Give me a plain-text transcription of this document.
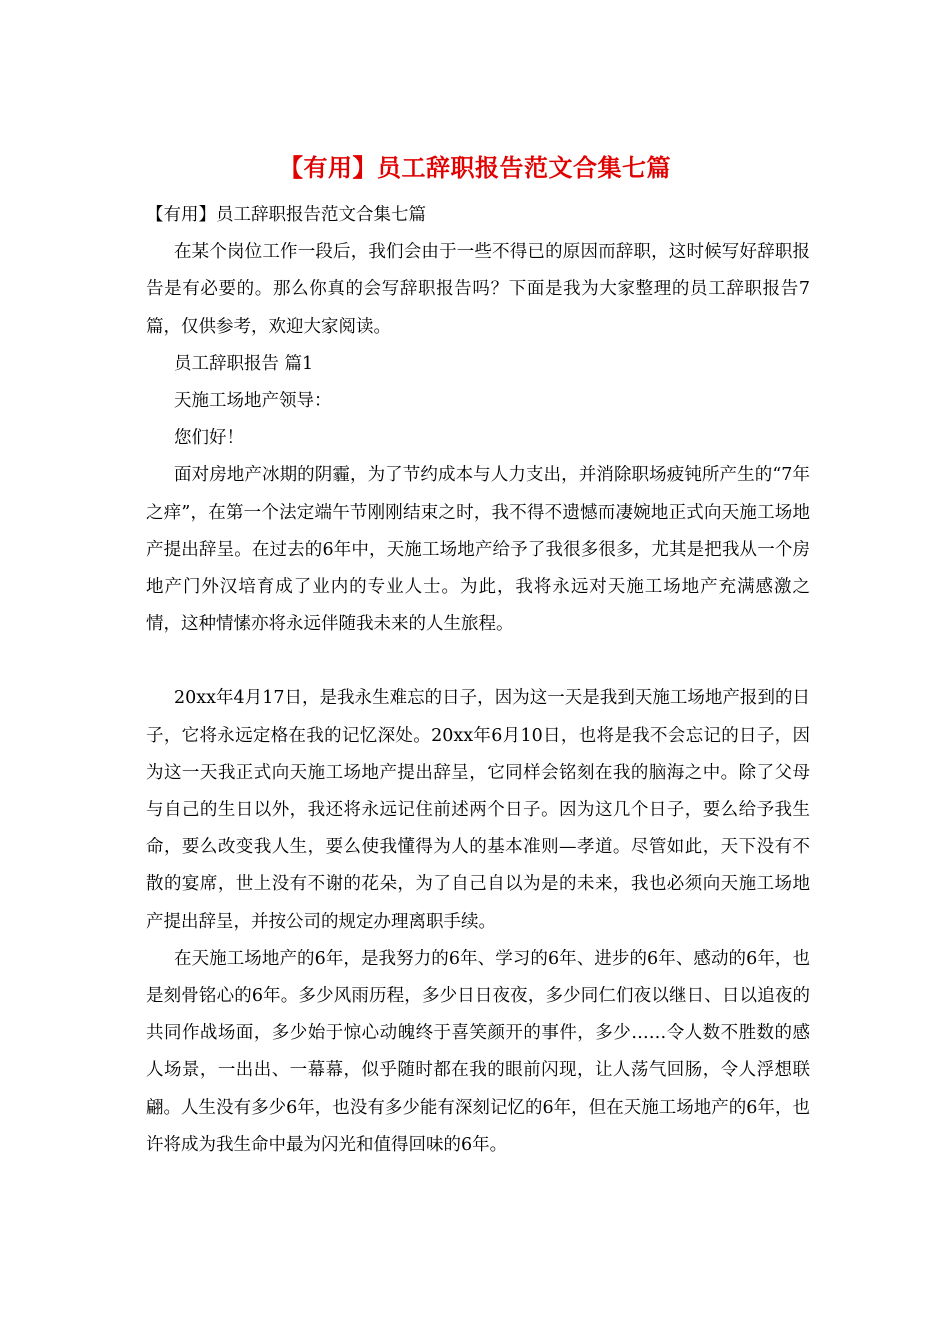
【有用】员工辞职报告范文合集七篇

【有用】员工辞职报告范文合集七篇

在某个岗位工作一段后，我们会由于一些不得已的原因而辞职，这时候写好辞职报告是有必要的。那么你真的会写辞职报告吗？下面是我为大家整理的员工辞职报告7篇，仅供参考，欢迎大家阅读。

员工辞职报告 篇1

天施工场地产领导：

您们好！

面对房地产冰期的阴霾，为了节约成本与人力支出，并消除职场疲钝所产生的“7年之痒”，在第一个法定端午节刚刚结束之时，我不得不遗憾而凄婉地正式向天施工场地产提出辞呈。在过去的6年中，天施工场地产给予了我很多很多，尤其是把我从一个房地产门外汉培育成了业内的专业人士。为此，我将永远对天施工场地产充满感激之情，这种情愫亦将永远伴随我未来的人生旅程。

20xx年4月17日，是我永生难忘的日子，因为这一天是我到天施工场地产报到的日子，它将永远定格在我的记忆深处。20xx年6月10日，也将是我不会忘记的日子，因为这一天我正式向天施工场地产提出辞呈，它同样会铭刻在我的脑海之中。除了父母与自己的生日以外，我还将永远记住前述两个日子。因为这几个日子，要么给予我生命，要么改变我人生，要么使我懂得为人的基本准则—孝道。尽管如此，天下没有不散的宴席，世上没有不谢的花朵，为了自己自以为是的未来，我也必须向天施工场地产提出辞呈，并按公司的规定办理离职手续。

在天施工场地产的6年，是我努力的6年、学习的6年、进步的6年、感动的6年，也是刻骨铭心的6年。多少风雨历程，多少日日夜夜，多少同仁们夜以继日、日以追夜的共同作战场面，多少始于惊心动魄终于喜笑颜开的事件，多少……令人数不胜数的感人场景，一出出、一幕幕，似乎随时都在我的眼前闪现，让人荡气回肠，令人浮想联翩。人生没有多少6年，也没有多少能有深刻记忆的6年，但在天施工场地产的6年，也许将成为我生命中最为闪光和值得回味的6年。
